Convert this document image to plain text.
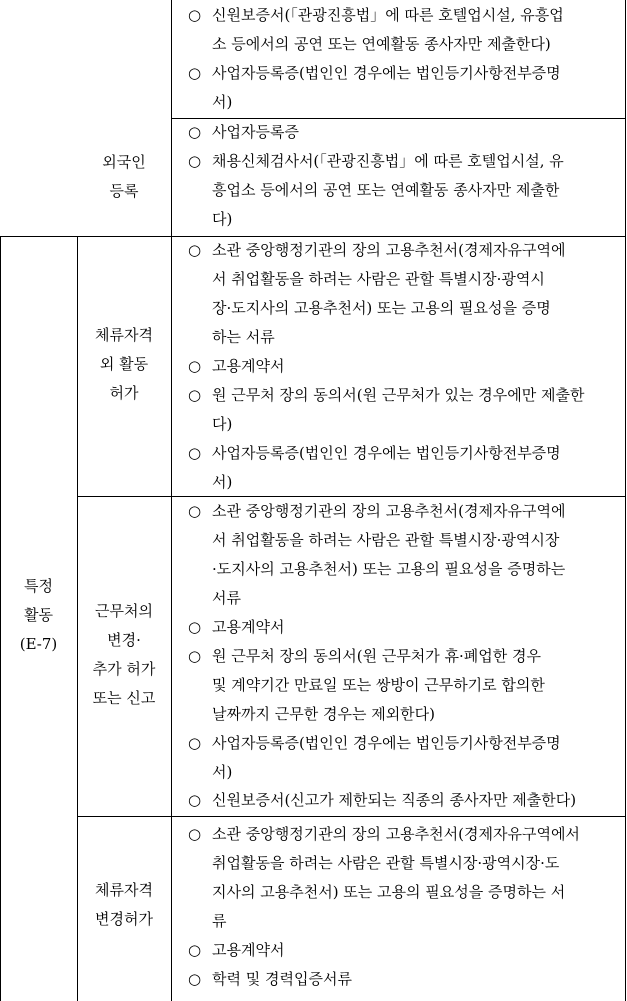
특정
활동
(E-7)
○ 신원보증서(「관광진흥법」에 따른 호텔업시설, 유흥업
소 등에서의 공연 또는 연예활동 종사자만 제출한다)
○ 사업자등록증(법인인 경우에는 법인등기사항전부증명
서)
외국인
등록
○ 사업자등록증
○ 채용신체검사서(「관광진흥법」에 따른 호텔업시설, 유
흥업소 등에서의 공연 또는 연예활동 종사자만 제출한
다)
체류자격
외 활동
허가
○ 소관 중앙행정기관의 장의 고용추천서(경제자유구역에
서 취업활동을 하려는 사람은 관할 특별시장·광역시
장·도지사의 고용추천서) 또는 고용의 필요성을 증명
하는 서류
○ 고용계약서
○ 원 근무처 장의 동의서(원 근무처가 있는 경우에만 제출한
다)
○ 사업자등록증(법인인 경우에는 법인등기사항전부증명
서)
근무처의
변경·
추가 허가
또는 신고
○ 소관 중앙행정기관의 장의 고용추천서(경제자유구역에
서 취업활동을 하려는 사람은 관할 특별시장·광역시장
·도지사의 고용추천서) 또는 고용의 필요성을 증명하는
서류
○ 고용계약서
○ 원 근무처 장의 동의서(원 근무처가 휴·폐업한 경우
및 계약기간 만료일 또는 쌍방이 근무하기로 합의한
날짜까지 근무한 경우는 제외한다)
○ 사업자등록증(법인인 경우에는 법인등기사항전부증명
서)
○ 신원보증서(신고가 제한되는 직종의 종사자만 제출한다)
체류자격
변경허가
○ 소관 중앙행정기관의 장의 고용추천서(경제자유구역에서
취업활동을 하려는 사람은 관할 특별시장·광역시장·도
지사의 고용추천서) 또는 고용의 필요성을 증명하는 서
류
○ 고용계약서
○ 학력 및 경력입증서류
